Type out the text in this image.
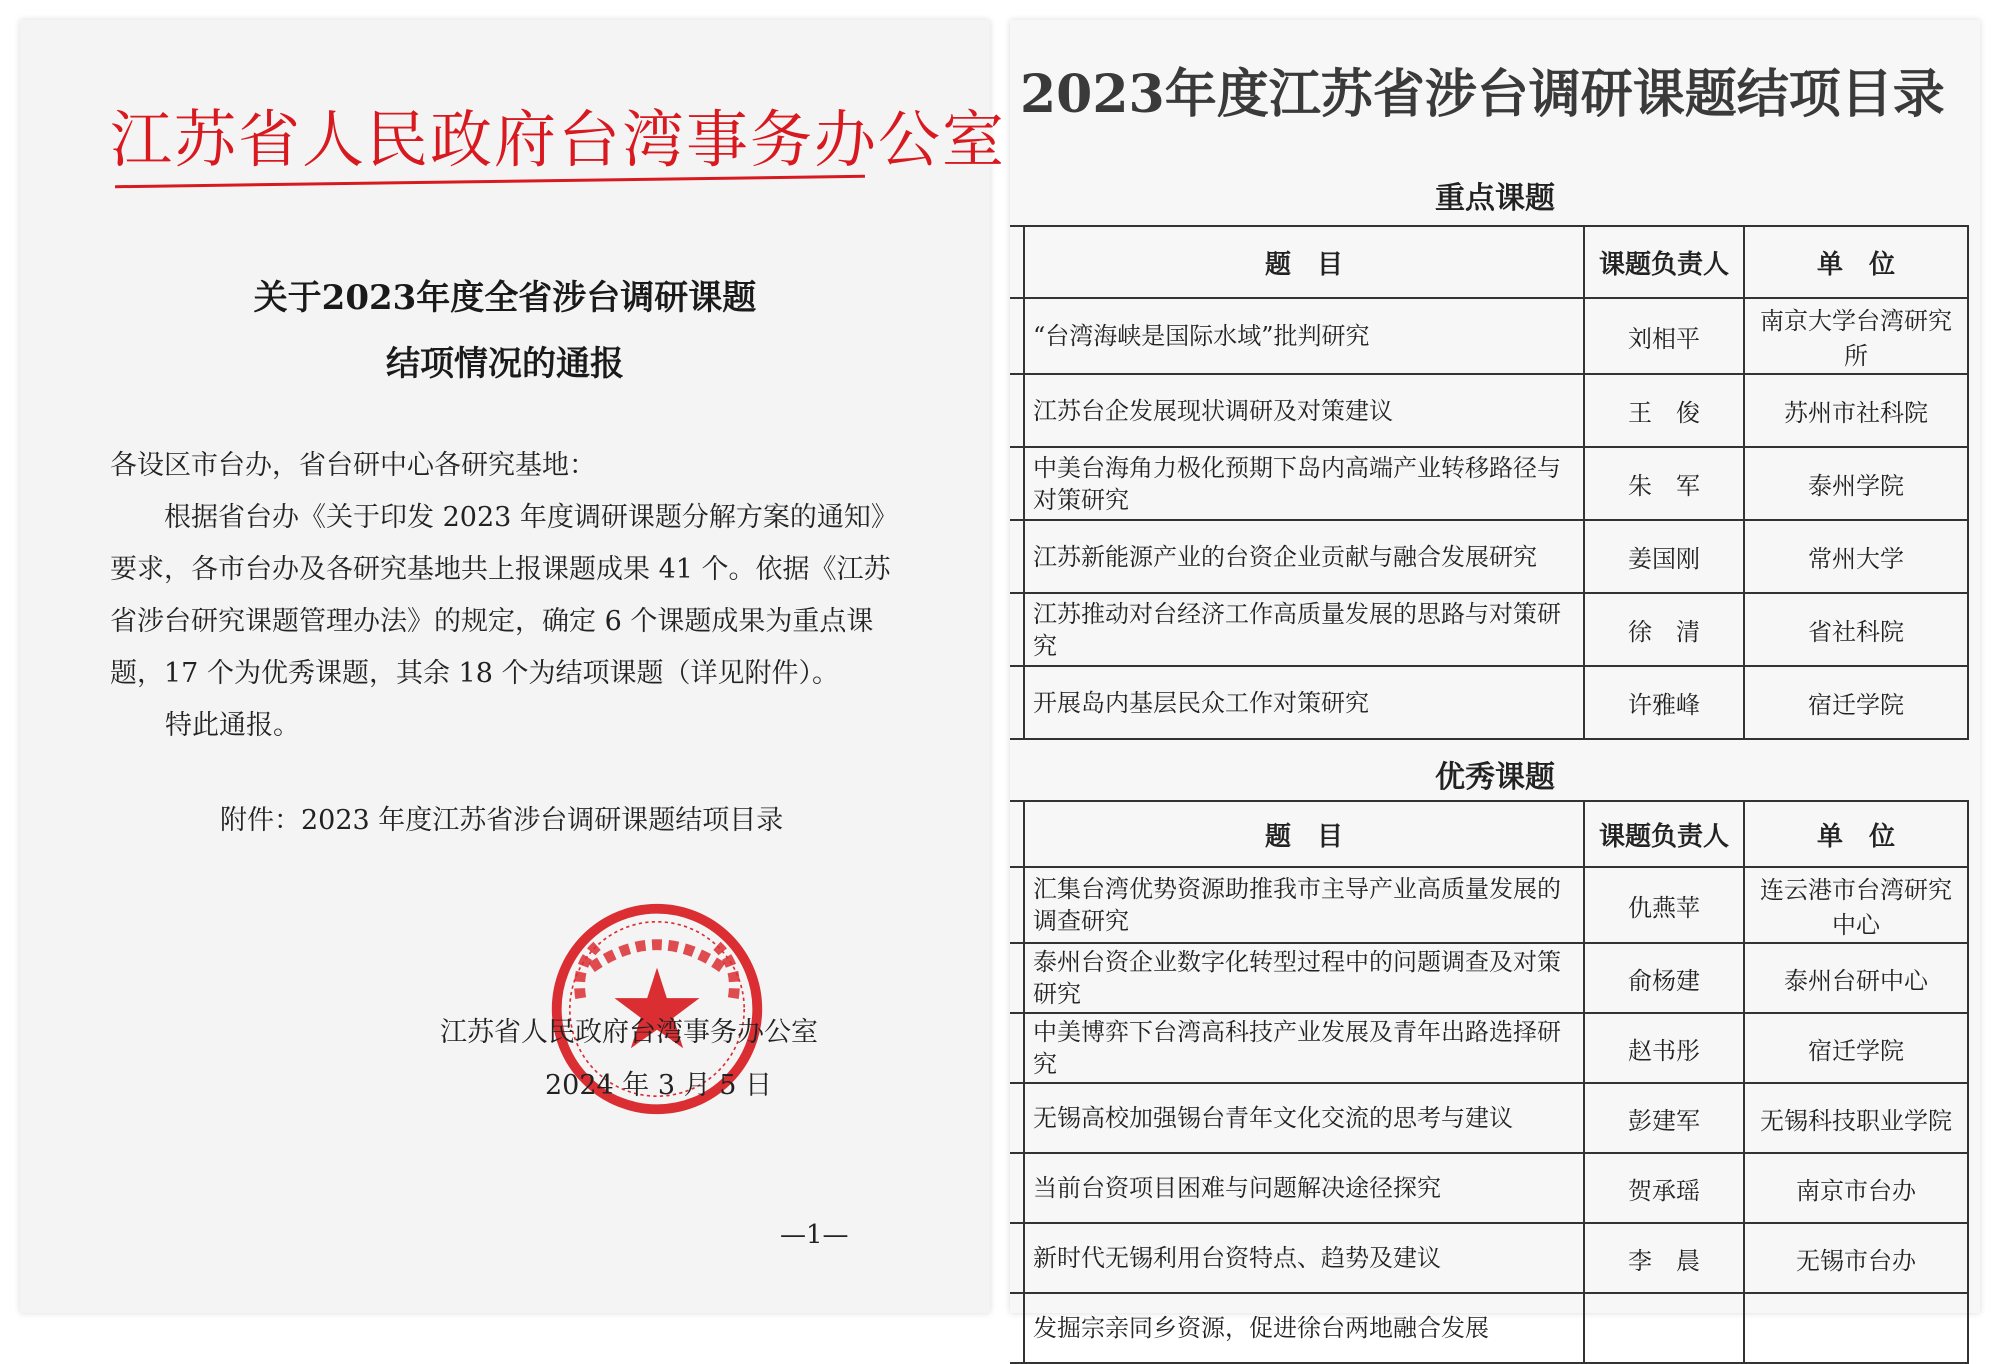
江苏省人民政府台湾事务办公室
关于2023年度全省涉台调研课题
结项情况的通报
各设区市台办，省台研中心各研究基地：
根据省台办《关于印发 2023 年度调研课题分解方案的通知》要求，各市台办及各研究基地共上报课题成果 41 个。依据《江苏省涉台研究课题管理办法》的规定，确定 6 个课题成果为重点课题，17 个为优秀课题，其余 18 个为结项课题（详见附件）。
特此通报。
附件：2023 年度江苏省涉台调研课题结项目录
江苏省人民政府台湾事务办公室
2024 年 3 月 5 日
—1—
2023年度江苏省涉台调研课题结项目录
重点课题
	题　目	课题负责人	单　位
	“台湾海峡是国际水域”批判研究	刘相平	南京大学台湾研究所
	江苏台企发展现状调研及对策建议	王　俊	苏州市社科院
	中美台海角力极化预期下岛内高端产业转移路径与对策研究	朱　军	泰州学院
	江苏新能源产业的台资企业贡献与融合发展研究	姜国刚	常州大学
	江苏推动对台经济工作高质量发展的思路与对策研究	徐　清	省社科院
	开展岛内基层民众工作对策研究	许雅峰	宿迁学院
优秀课题
	题　目	课题负责人	单　位
	汇集台湾优势资源助推我市主导产业高质量发展的调查研究	仇燕苹	连云港市台湾研究中心
	泰州台资企业数字化转型过程中的问题调查及对策研究	俞杨建	泰州台研中心
	中美博弈下台湾高科技产业发展及青年出路选择研究	赵书彤	宿迁学院
	无锡高校加强锡台青年文化交流的思考与建议	彭建军	无锡科技职业学院
	当前台资项目困难与问题解决途径探究	贺承瑶	南京市台办
	新时代无锡利用台资特点、趋势及建议	李　晨	无锡市台办
	发掘宗亲同乡资源，促进徐台两地融合发展		
